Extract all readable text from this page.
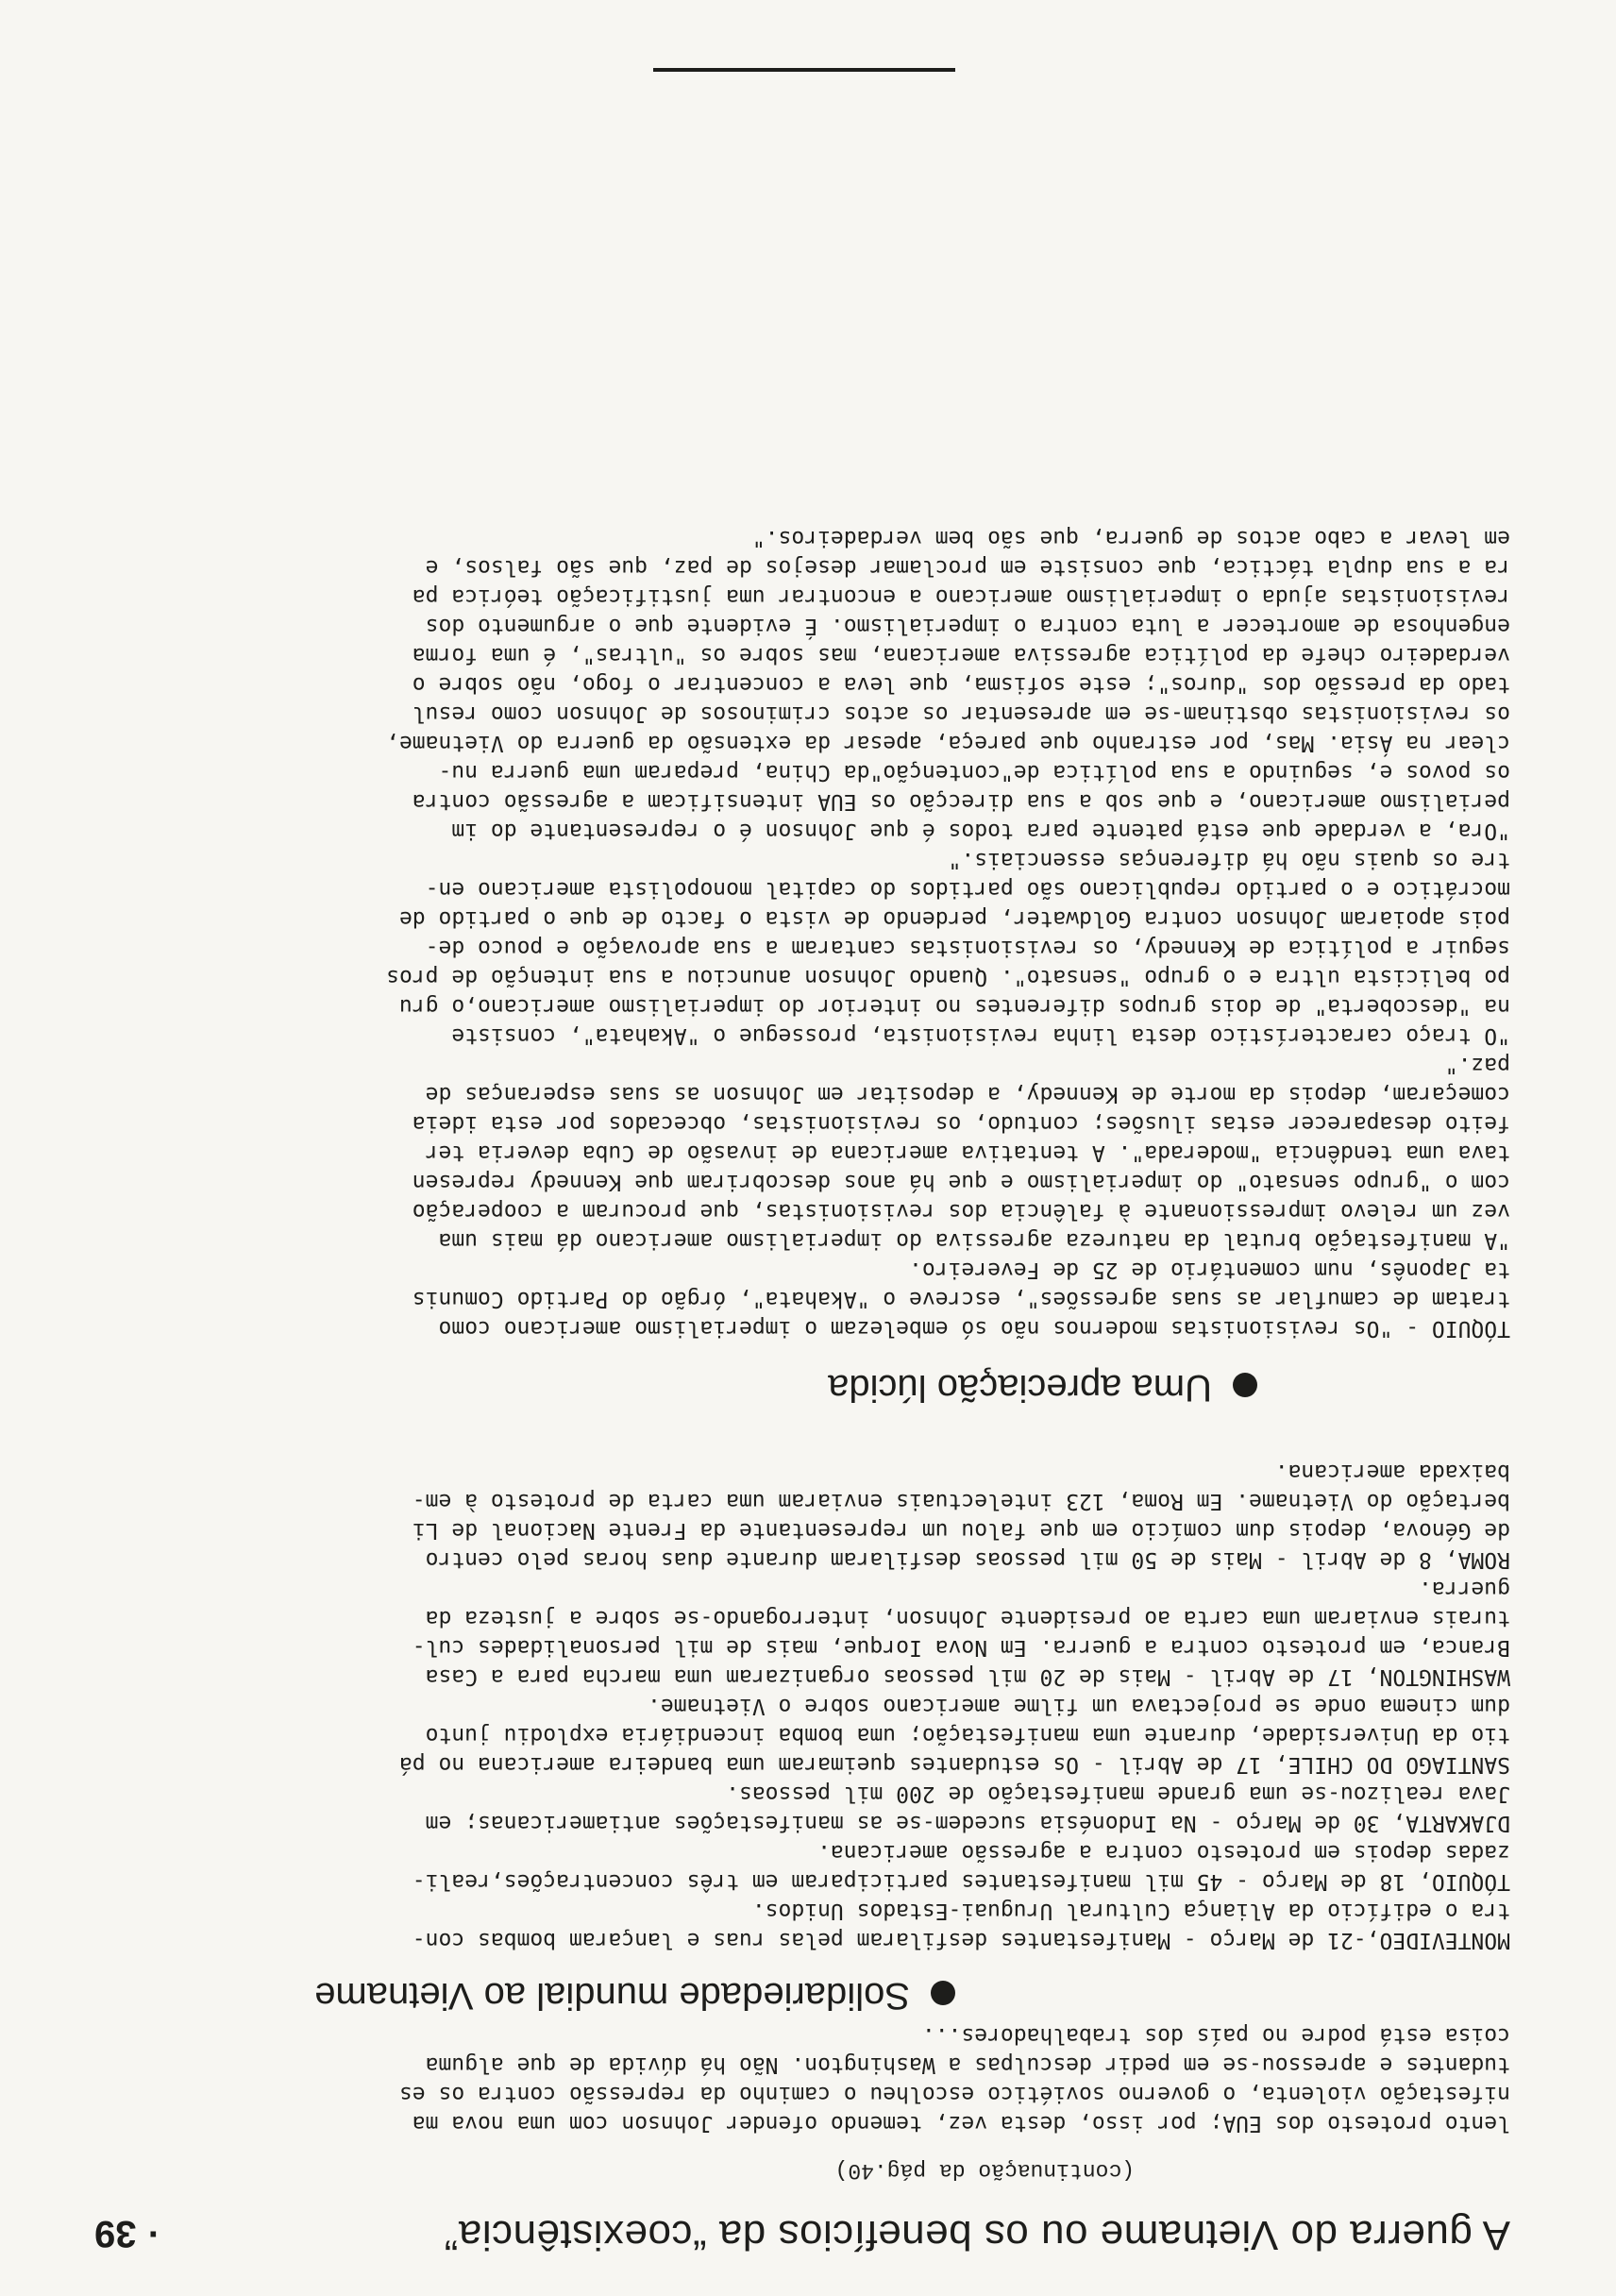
A guerra do Vietname ou os benefícios da “coexistência”
·39
(continuação da pág.40)
lento protesto dos EUA; por isso, desta vez, temendo ofender Johnson com uma nova ma
nifestação violenta, o governo soviético escolheu o caminho da repressão contra os es
tudantes e apressou-se em pedir desculpas a Washington. Não há dúvida de que alguma
coisa está podre no país dos trabalhadores...
Solidariedade mundial ao Vietname
MONTEVIDEO,-21 de Março - Manifestantes desfilaram pelas ruas e lançaram bombas con-
tra o edifício da Aliança Cultural Uruguai-Estados Unidos.
TÓQUIO, 18 de Março - 45 mil manifestantes participaram em três concentrações,reali-
zadas depois em protesto contra a agressão americana.
DJAKARTA, 30 de Março - Na Indonésia sucedem-se as manifestações antiamericanas; em
Java realizou-se uma grande manifestação de 200 mil pessoas.
SANTIAGO DO CHILE, 17 de Abril - Os estudantes queimaram uma bandeira americana no pá
tio da Universidade, durante uma manifestação; uma bomba incendiária explodiu junto
dum cinema onde se projectava um filme americano sobre o Vietname.
WASHINGTON, 17 de Abril - Mais de 20 mil pessoas organizaram uma marcha para a Casa
Branca, em protesto contra a guerra. Em Nova Iorque, mais de mil personalidades cul-
turais enviaram uma carta ao presidente Johnson, interrogando-se sobre a justeza da
guerra.
ROMA, 8 de Abril - Mais de 50 mil pessoas desfilaram durante duas horas pelo centro
de Génova, depois dum comício em que falou um representante da Frente Nacional de Li
bertação do Vietname. Em Roma, 123 intelectuais enviaram uma carta de protesto à em-
baixada americana.
Uma apreciação lúcida
TÓQUIO - "Os revisionistas modernos não só embelezam o imperialismo americano como
tratam de camuflar as suas agressões", escreve o "Akahata", órgão do Partido Comunis
ta Japonês, num comentário de 25 de Fevereiro.
"A manifestação brutal da natureza agressiva do imperialismo americano dá mais uma
vez um relevo impressionante à falência dos revisionistas, que procuram a cooperação
com o "grupo sensato" do imperialismo e que há anos descobriram que Kennedy represen
tava uma tendência "moderada". A tentativa americana de invasão de Cuba deveria ter
feito desaparecer estas ilusões; contudo, os revisionistas, obcecados por esta ideia
começaram, depois da morte de Kennedy, a depositar em Johnson as suas esperanças de
paz."
"O traço característico desta linha revisionista, prossegue o "Akahata", consiste
na "descoberta" de dois grupos diferentes no interior do imperialismo americano,o gru
po belicista ultra e o grupo "sensato". Quando Johnson anunciou a sua intenção de pros
seguir a política de Kennedy, os revisionistas cantaram a sua aprovação e pouco de-
pois apoiaram Johnson contra Goldwater, perdendo de vista o facto de que o partido de
mocrático e o partido republicano são partidos do capital monopolista americano en-
tre os quais não há diferenças essenciais."
"Ora, a verdade que está patente para todos é que Johnson é o representante do im
perialismo americano, e que sob a sua direcção os EUA intensificam a agressão contra
os povos e, seguindo a sua política de"contenção"da China, preparam uma guerra nu-
clear na Ásia. Mas, por estranho que pareça, apesar da extensão da guerra do Vietname,
os revisionistas obstinam-se em apresentar os actos criminosos de Johnson como resul
tado da pressão dos "duros"; este sofisma, que leva a concentrar o fogo, não sobre o
verdadeiro chefe da política agressiva americana, mas sobre os "ultras", é uma forma
engenhosa de amortecer a luta contra o imperialismo. É evidente que o argumento dos
revisionistas ajuda o imperialismo americano a encontrar uma justificação teórica pa
ra a sua dupla táctica, que consiste em proclamar desejos de paz, que são falsos, e
em levar a cabo actos de guerra, que são bem verdadeiros."
